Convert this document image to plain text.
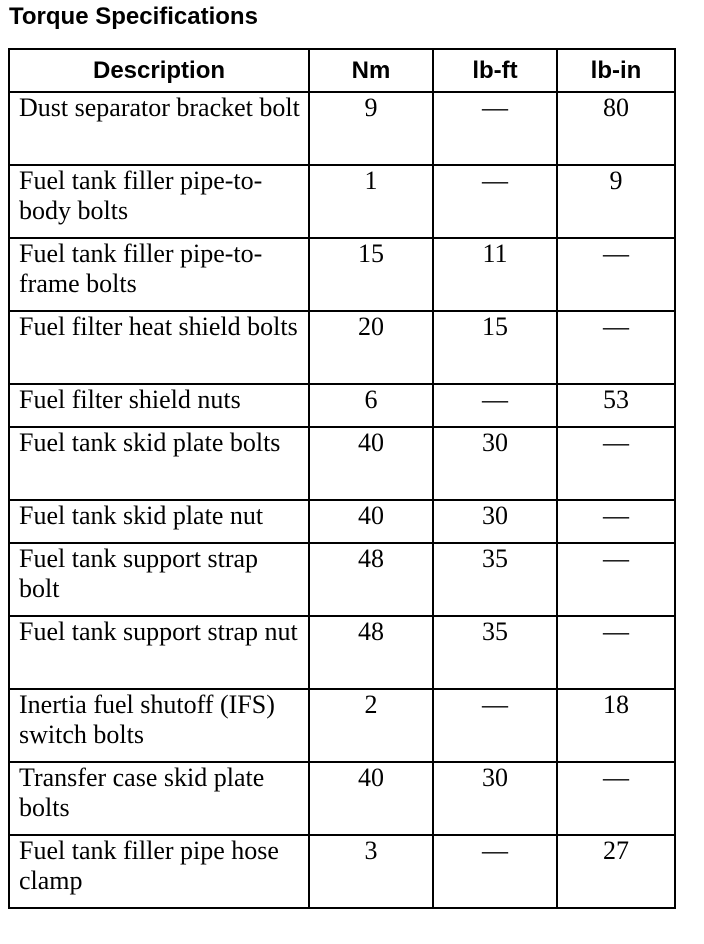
Torque Specifications
Description	Nm	lb-ft	lb-in
Dust separator bracket bolt	9	—	80
Fuel tank filler pipe-to-body bolts	1	—	9
Fuel tank filler pipe-to-frame bolts	15	11	—
Fuel filter heat shield bolts	20	15	—
Fuel filter shield nuts	6	—	53
Fuel tank skid plate bolts	40	30	—
Fuel tank skid plate nut	40	30	—
Fuel tank support strap bolt	48	35	—
Fuel tank support strap nut	48	35	—
Inertia fuel shutoff (IFS) switch bolts	2	—	18
Transfer case skid plate bolts	40	30	—
Fuel tank filler pipe hose clamp	3	—	27
